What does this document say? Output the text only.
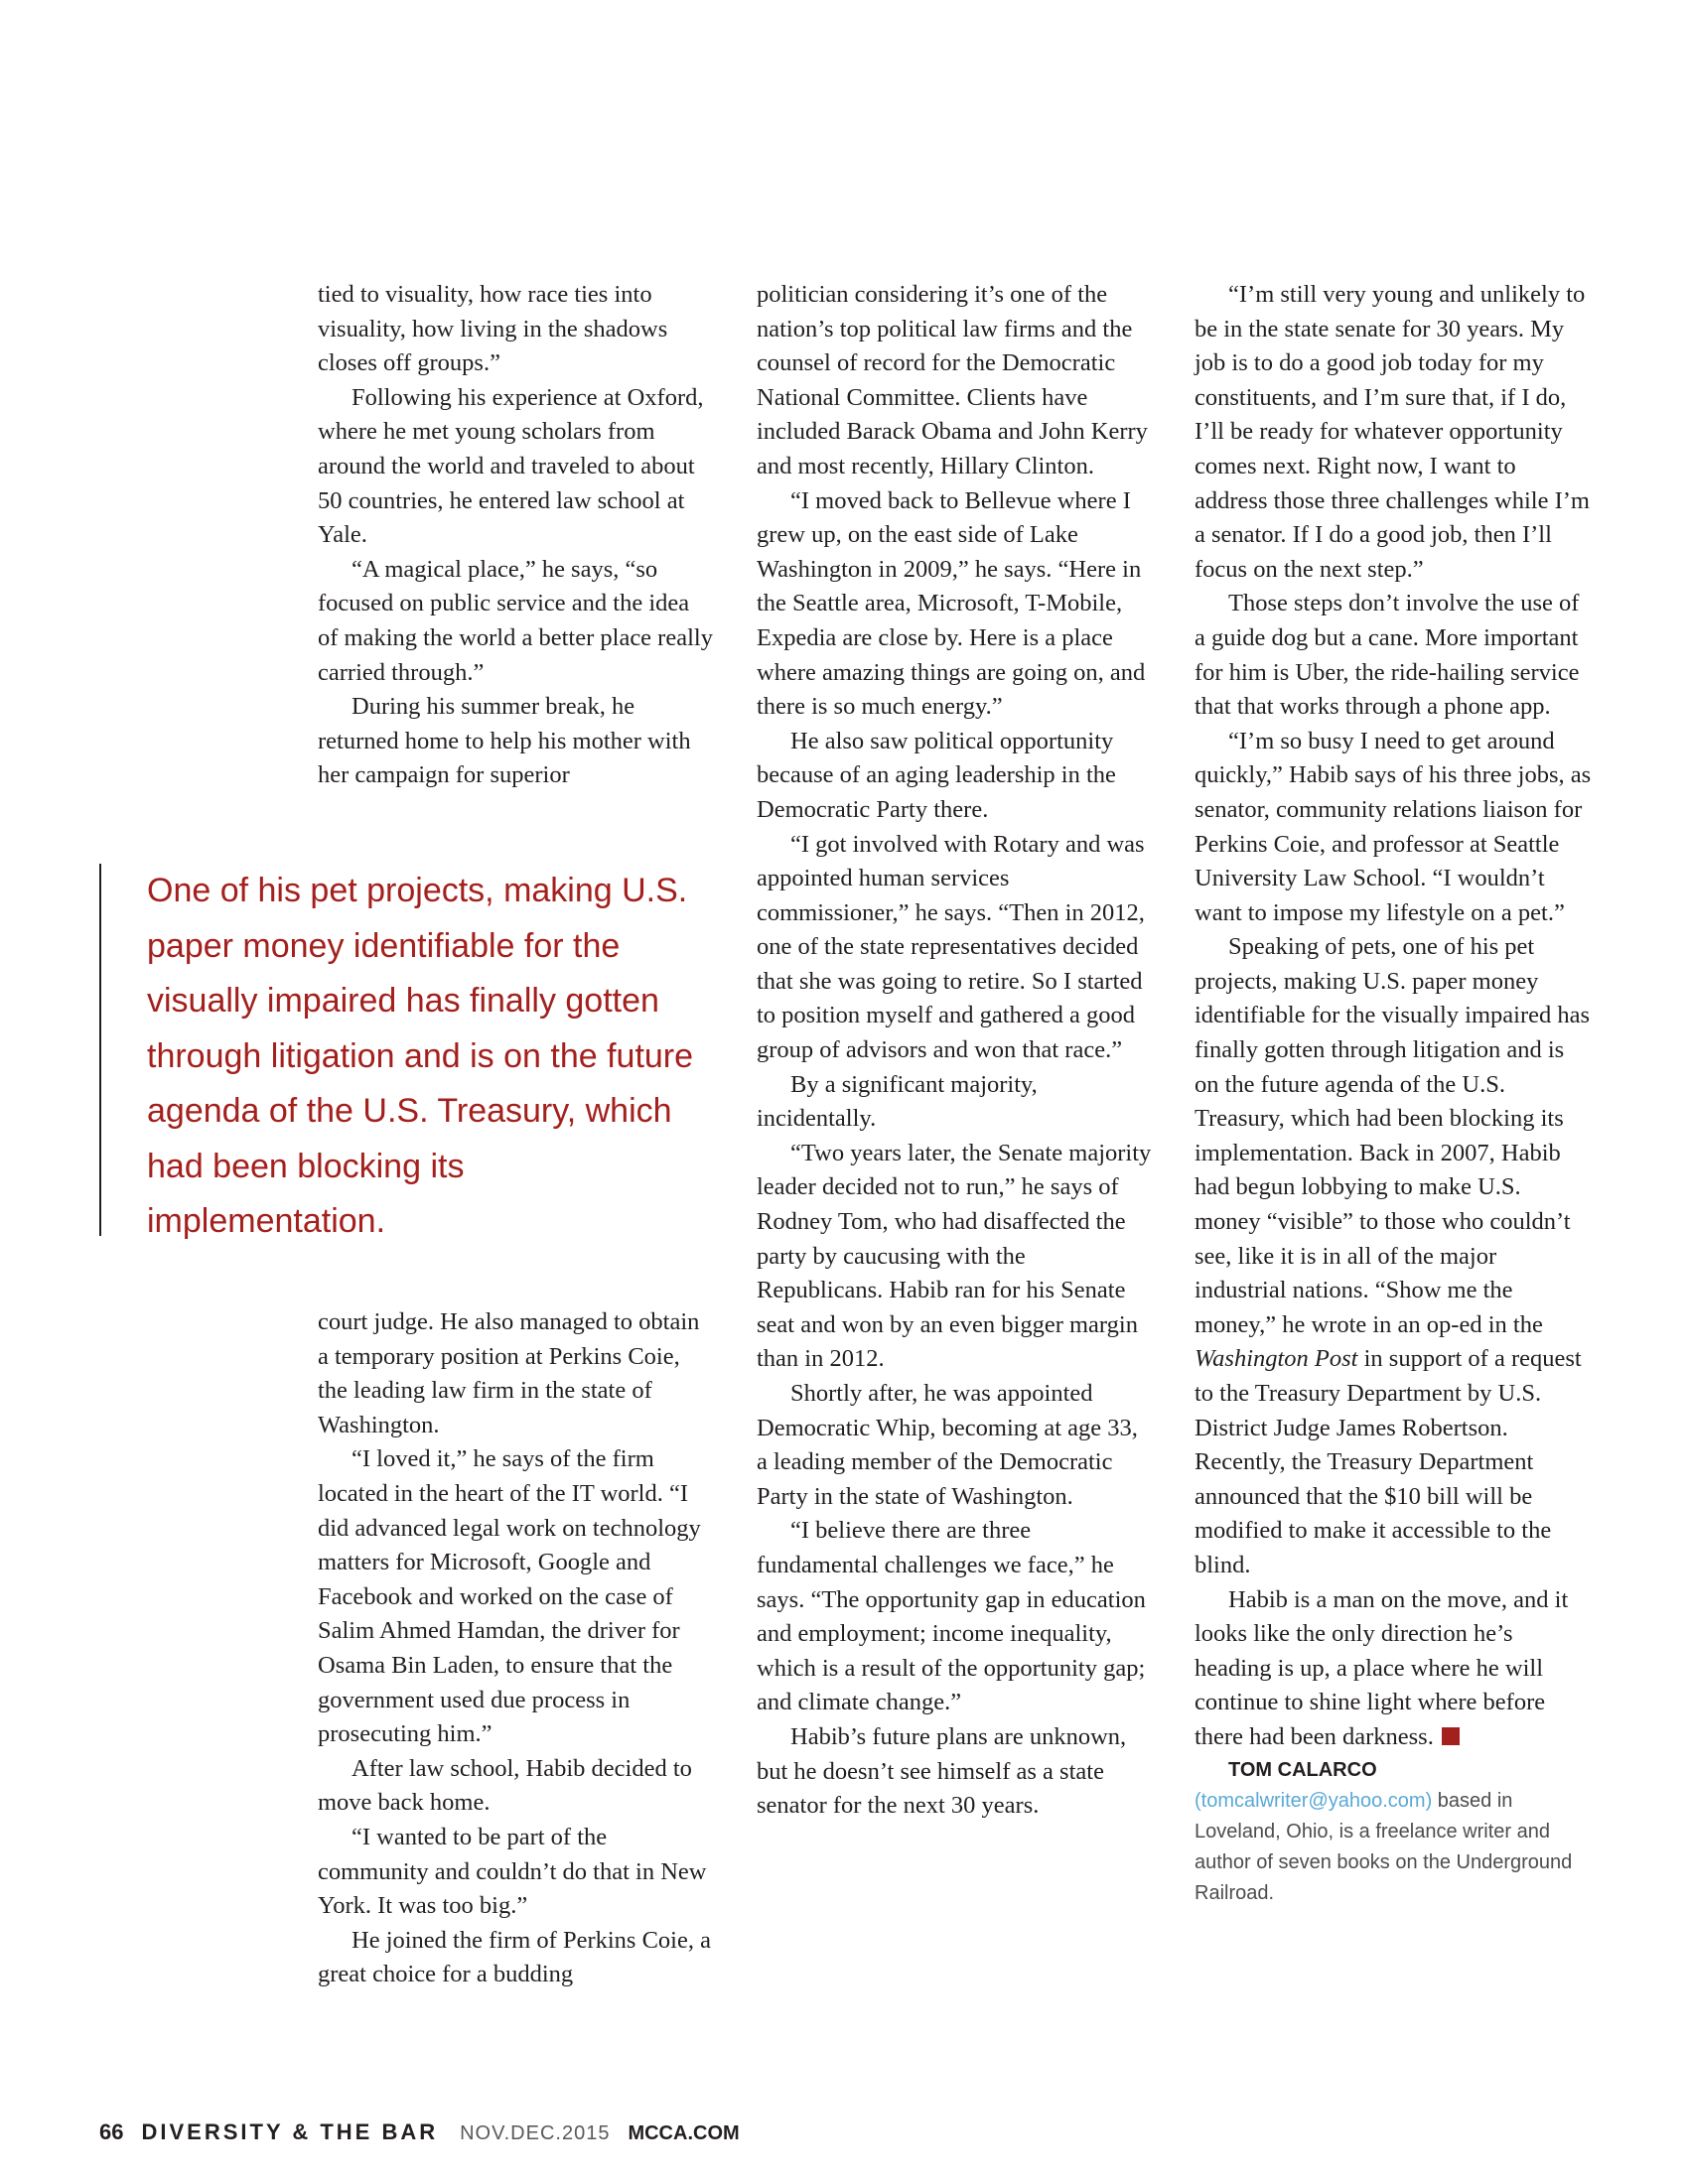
tied to visuality, how race ties into visuality, how living in the shadows closes off groups.”

Following his experience at Oxford, where he met young scholars from around the world and traveled to about 50 countries, he entered law school at Yale.

“A magical place,” he says, “so focused on public service and the idea of making the world a better place really carried through.”

During his summer break, he returned home to help his mother with her campaign for superior

One of his pet projects, making U.S. paper money identifiable for the visually impaired has finally gotten through litigation and is on the future agenda of the U.S. Treasury, which had been blocking its implementation.

court judge. He also managed to obtain a temporary position at Perkins Coie, the leading law firm in the state of Washington.

“I loved it,” he says of the firm located in the heart of the IT world. “I did advanced legal work on technology matters for Microsoft, Google and Facebook and worked on the case of Salim Ahmed Hamdan, the driver for Osama Bin Laden, to ensure that the government used due process in prosecuting him.”

After law school, Habib decided to move back home.

“I wanted to be part of the community and couldn’t do that in New York. It was too big.”

He joined the firm of Perkins Coie, a great choice for a budding

politician considering it’s one of the nation’s top political law firms and the counsel of record for the Democratic National Committee. Clients have included Barack Obama and John Kerry and most recently, Hillary Clinton.

“I moved back to Bellevue where I grew up, on the east side of Lake Washington in 2009,” he says. “Here in the Seattle area, Microsoft, T-Mobile, Expedia are close by. Here is a place where amazing things are going on, and there is so much energy.”

He also saw political opportunity because of an aging leadership in the Democratic Party there.

“I got involved with Rotary and was appointed human services commissioner,” he says. “Then in 2012, one of the state representatives decided that she was going to retire. So I started to position myself and gathered a good group of advisors and won that race.”

By a significant majority, incidentally.

“Two years later, the Senate majority leader decided not to run,” he says of Rodney Tom, who had disaffected the party by caucusing with the Republicans. Habib ran for his Senate seat and won by an even bigger margin than in 2012.

Shortly after, he was appointed Democratic Whip, becoming at age 33, a leading member of the Democratic Party in the state of Washington.

“I believe there are three fundamental challenges we face,” he says. “The opportunity gap in education and employment; income inequality, which is a result of the opportunity gap; and climate change.”

Habib’s future plans are unknown, but he doesn’t see himself as a state senator for the next 30 years.

“I’m still very young and unlikely to be in the state senate for 30 years. My job is to do a good job today for my constituents, and I’m sure that, if I do, I’ll be ready for whatever opportunity comes next. Right now, I want to address those three challenges while I’m a senator. If I do a good job, then I’ll focus on the next step.”

Those steps don’t involve the use of a guide dog but a cane. More important for him is Uber, the ride-hailing service that that works through a phone app.

“I’m so busy I need to get around quickly,” Habib says of his three jobs, as senator, community relations liaison for Perkins Coie, and professor at Seattle University Law School. “I wouldn’t want to impose my lifestyle on a pet.”

Speaking of pets, one of his pet projects, making U.S. paper money identifiable for the visually impaired has finally gotten through litigation and is on the future agenda of the U.S. Treasury, which had been blocking its implementation. Back in 2007, Habib had begun lobbying to make U.S. money “visible” to those who couldn’t see, like it is in all of the major industrial nations. “Show me the money,” he wrote in an op-ed in the Washington Post in support of a request to the Treasury Department by U.S. District Judge James Robertson. Recently, the Treasury Department announced that the $10 bill will be modified to make it accessible to the blind.

Habib is a man on the move, and it looks like the only direction he’s heading is up, a place where he will continue to shine light where before there had been darkness.

TOM CALARCO (tomcalwriter@yahoo.com) based in Loveland, Ohio, is a freelance writer and author of seven books on the Underground Railroad.

66 DIVERSITY & THE BAR NOV.DEC.2015 MCCA.COM
